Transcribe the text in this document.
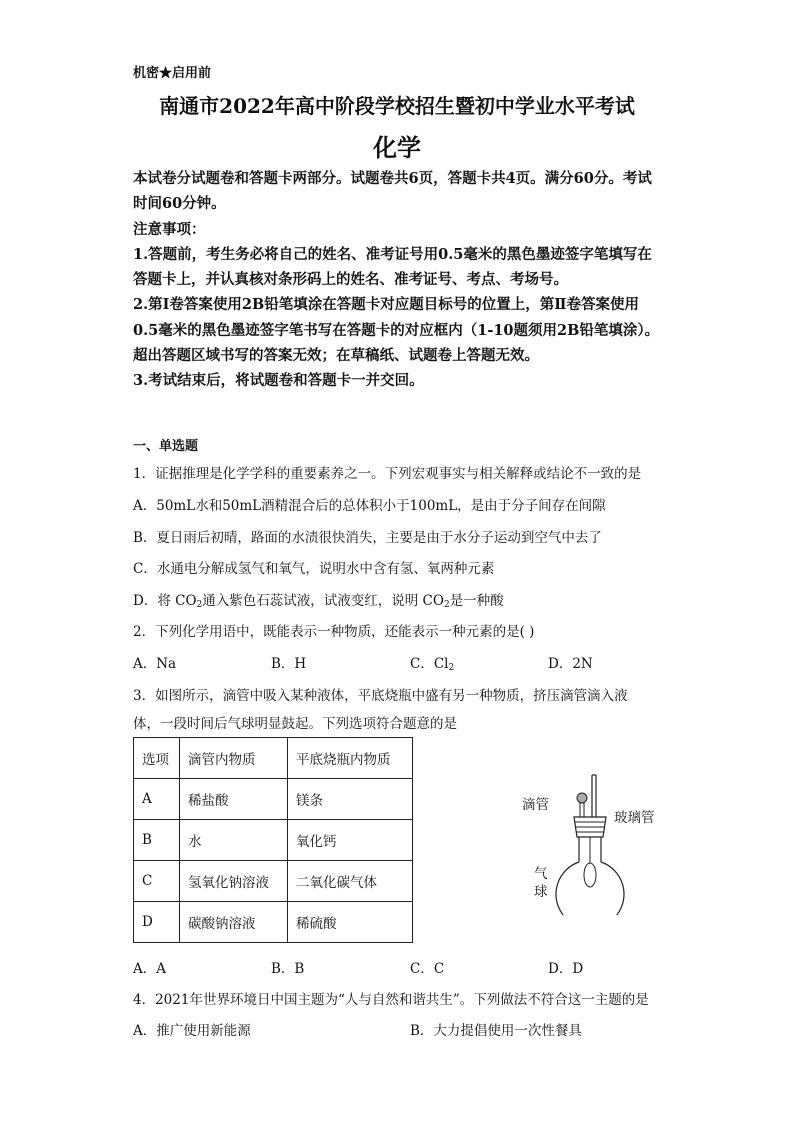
机密★启用前
南通市2022年高中阶段学校招生暨初中学业水平考试
化学

本试卷分试题卷和答题卡两部分。试题卷共6页，答题卡共4页。满分60分。考试时间60分钟。

注意事项：

1.答题前，考生务必将自己的姓名、准考证号用0.5毫米的黑色墨迹签字笔填写在答题卡上，并认真核对条形码上的姓名、准考证号、考点、考场号。

2.第Ⅰ卷答案使用2B铅笔填涂在答题卡对应题目标号的位置上，第Ⅱ卷答案使用0.5毫米的黑色墨迹签字笔书写在答题卡的对应框内（1-10题须用2B铅笔填涂）。超出答题区域书写的答案无效；在草稿纸、试题卷上答题无效。

3.考试结束后，将试题卷和答题卡一并交回。

一、单选题
1．证据推理是化学学科的重要素养之一。下列宏观事实与相关解释或结论不一致的是
A．50mL水和50mL酒精混合后的总体积小于100mL，是由于分子间存在间隙
B．夏日雨后初晴，路面的水渍很快消失，主要是由于水分子运动到空气中去了
C．水通电分解成氢气和氧气，说明水中含有氢、氧两种元素
D．将 $CO_2$通入紫色石蕊试液，试液变红，说明 $CO_2$是一种酸
2．下列化学用语中，既能表示一种物质，还能表示一种元素的是( )
A．Na	B．H	C．$Cl_2$	D．2N
3．如图所示，滴管中吸入某种液体，平底烧瓶中盛有另一种物质，挤压滴管滴入液
体，一段时间后气球明显鼓起。下列选项符合题意的是
选项	滴管内物质	平底烧瓶内物质
A	稀盐酸	镁条
B	水	氧化钙
C	氢氧化钠溶液	二氧化碳气体
D	碳酸钠溶液	稀硫酸
滴管
玻璃管
气
球
A．A	B．B	C．C	D．D
4．2021年世界环境日中国主题为“人与自然和谐共生”。下列做法不符合这一主题的是
A．推广使用新能源	B．大力提倡使用一次性餐具
